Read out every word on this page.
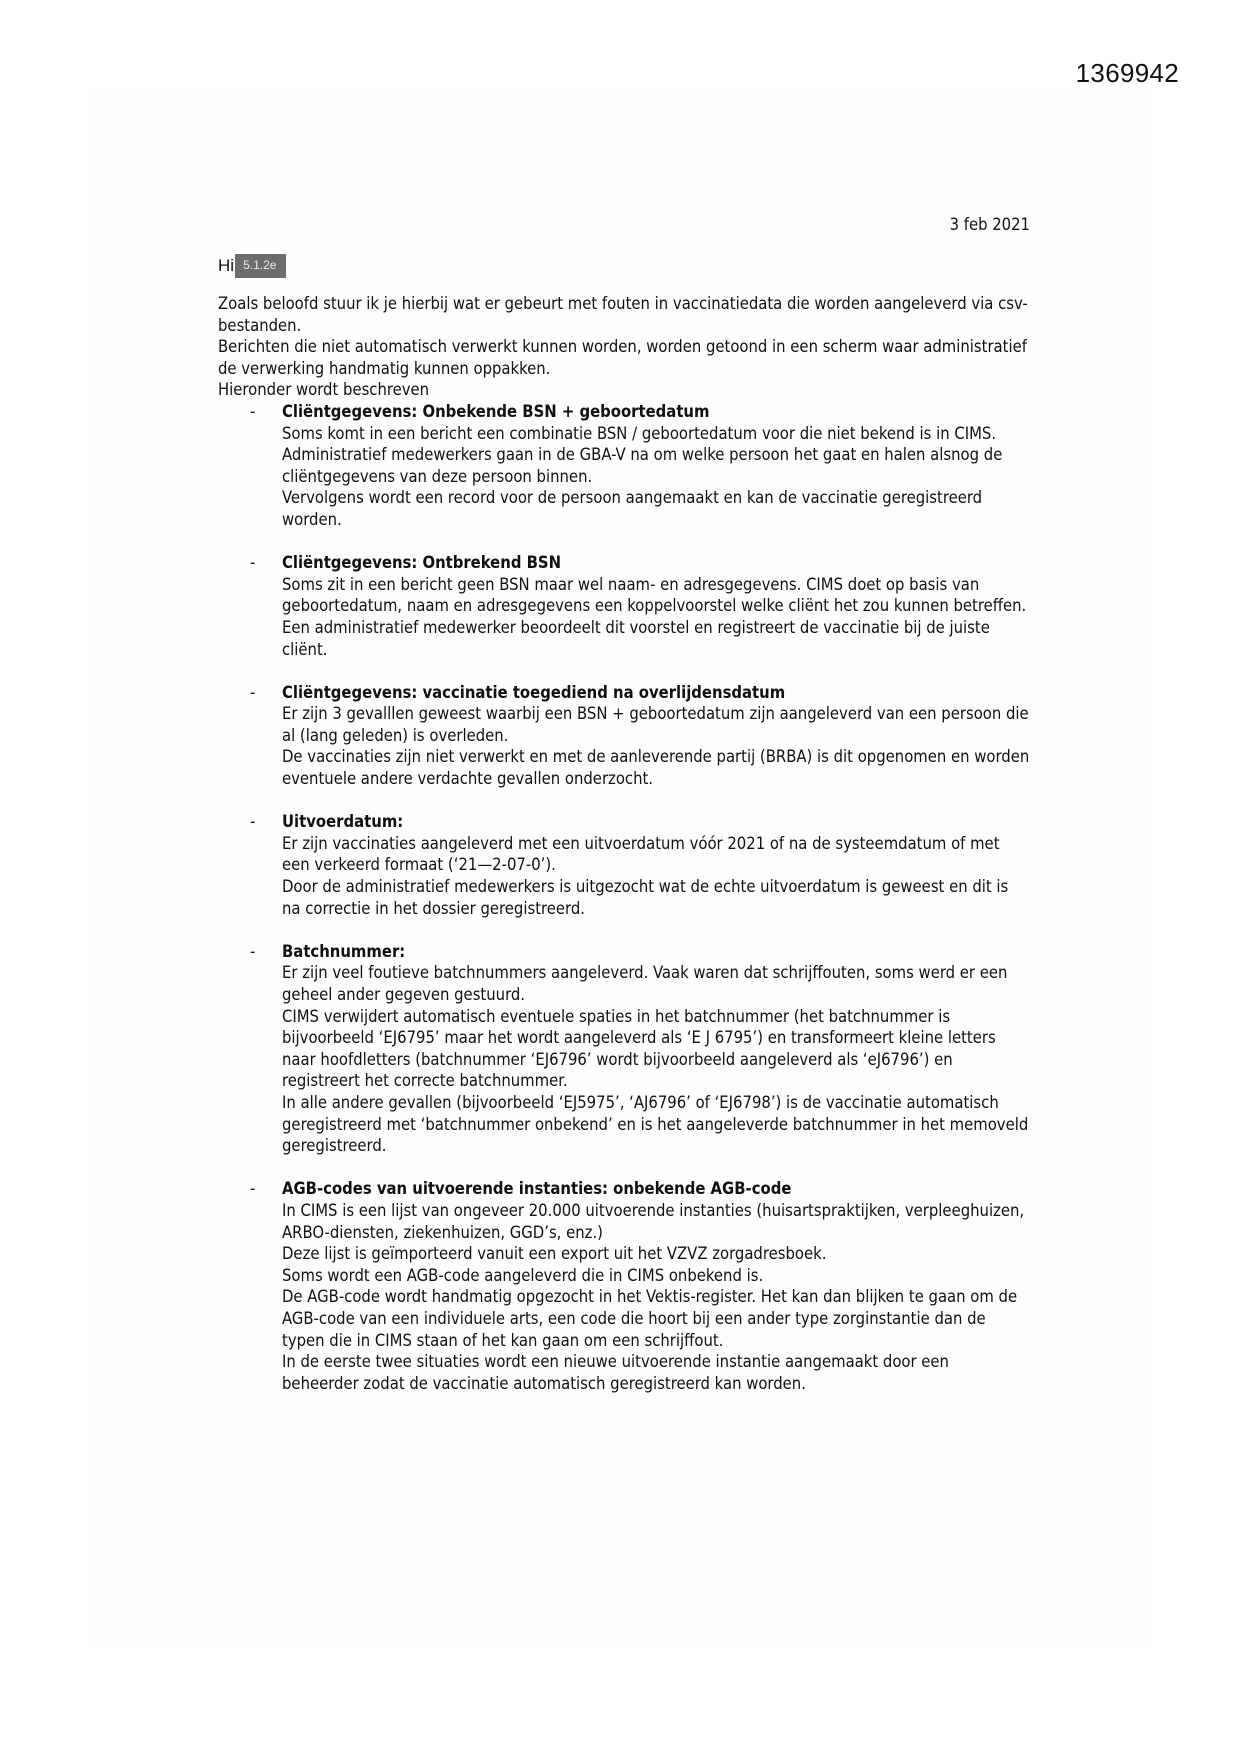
1369942
3 feb 2021
Hi 5.1.2e

Zoals beloofd stuur ik je hierbij wat er gebeurt met fouten in vaccinatiedata die worden aangeleverd via csv-bestanden.

Berichten die niet automatisch verwerkt kunnen worden, worden getoond in een scherm waar administratief de verwerking handmatig kunnen oppakken.

Hieronder wordt beschreven

- Cliëntgegevens: Onbekende BSN + geboortedatum

Soms komt in een bericht een combinatie BSN / geboortedatum voor die niet bekend is in CIMS. Administratief medewerkers gaan in de GBA-V na om welke persoon het gaat en halen alsnog de cliëntgegevens van deze persoon binnen.

Vervolgens wordt een record voor de persoon aangemaakt en kan de vaccinatie geregistreerd worden.

- Cliëntgegevens: Ontbrekend BSN

Soms zit in een bericht geen BSN maar wel naam- en adresgegevens. CIMS doet op basis van geboortedatum, naam en adresgegevens een koppelvoorstel welke cliënt het zou kunnen betreffen.

Een administratief medewerker beoordeelt dit voorstel en registreert de vaccinatie bij de juiste cliënt.

- Cliëntgegevens: vaccinatie toegediend na overlijdensdatum

Er zijn 3 gevalllen geweest waarbij een BSN + geboortedatum zijn aangeleverd van een persoon die al (lang geleden) is overleden.

De vaccinaties zijn niet verwerkt en met de aanleverende partij (BRBA) is dit opgenomen en worden eventuele andere verdachte gevallen onderzocht.

- Uitvoerdatum:

Er zijn vaccinaties aangeleverd met een uitvoerdatum vóór 2021 of na de systeemdatum of met een verkeerd formaat (‘21—2-07-0’).

Door de administratief medewerkers is uitgezocht wat de echte uitvoerdatum is geweest en dit is na correctie in het dossier geregistreerd.

- Batchnummer:

Er zijn veel foutieve batchnummers aangeleverd. Vaak waren dat schrijffouten, soms werd er een geheel ander gegeven gestuurd.

CIMS verwijdert automatisch eventuele spaties in het batchnummer (het batchnummer is bijvoorbeeld ‘EJ6795’ maar het wordt aangeleverd als ‘E J 6795’) en transformeert kleine letters naar hoofdletters (batchnummer ‘EJ6796’ wordt bijvoorbeeld aangeleverd als ‘eJ6796’) en registreert het correcte batchnummer.

In alle andere gevallen (bijvoorbeeld ‘EJ5975’, ‘AJ6796’ of ‘EJ6798’) is de vaccinatie automatisch geregistreerd met ‘batchnummer onbekend’ en is het aangeleverde batchnummer in het memoveld geregistreerd.

- AGB-codes van uitvoerende instanties: onbekende AGB-code

In CIMS is een lijst van ongeveer 20.000 uitvoerende instanties (huisartspraktijken, verpleeghuizen, ARBO-diensten, ziekenhuizen, GGD’s, enz.)

Deze lijst is geïmporteerd vanuit een export uit het VZVZ zorgadresboek.

Soms wordt een AGB-code aangeleverd die in CIMS onbekend is.

De AGB-code wordt handmatig opgezocht in het Vektis-register. Het kan dan blijken te gaan om de AGB-code van een individuele arts, een code die hoort bij een ander type zorginstantie dan de typen die in CIMS staan of het kan gaan om een schrijffout.

In de eerste twee situaties wordt een nieuwe uitvoerende instantie aangemaakt door een beheerder zodat de vaccinatie automatisch geregistreerd kan worden.
